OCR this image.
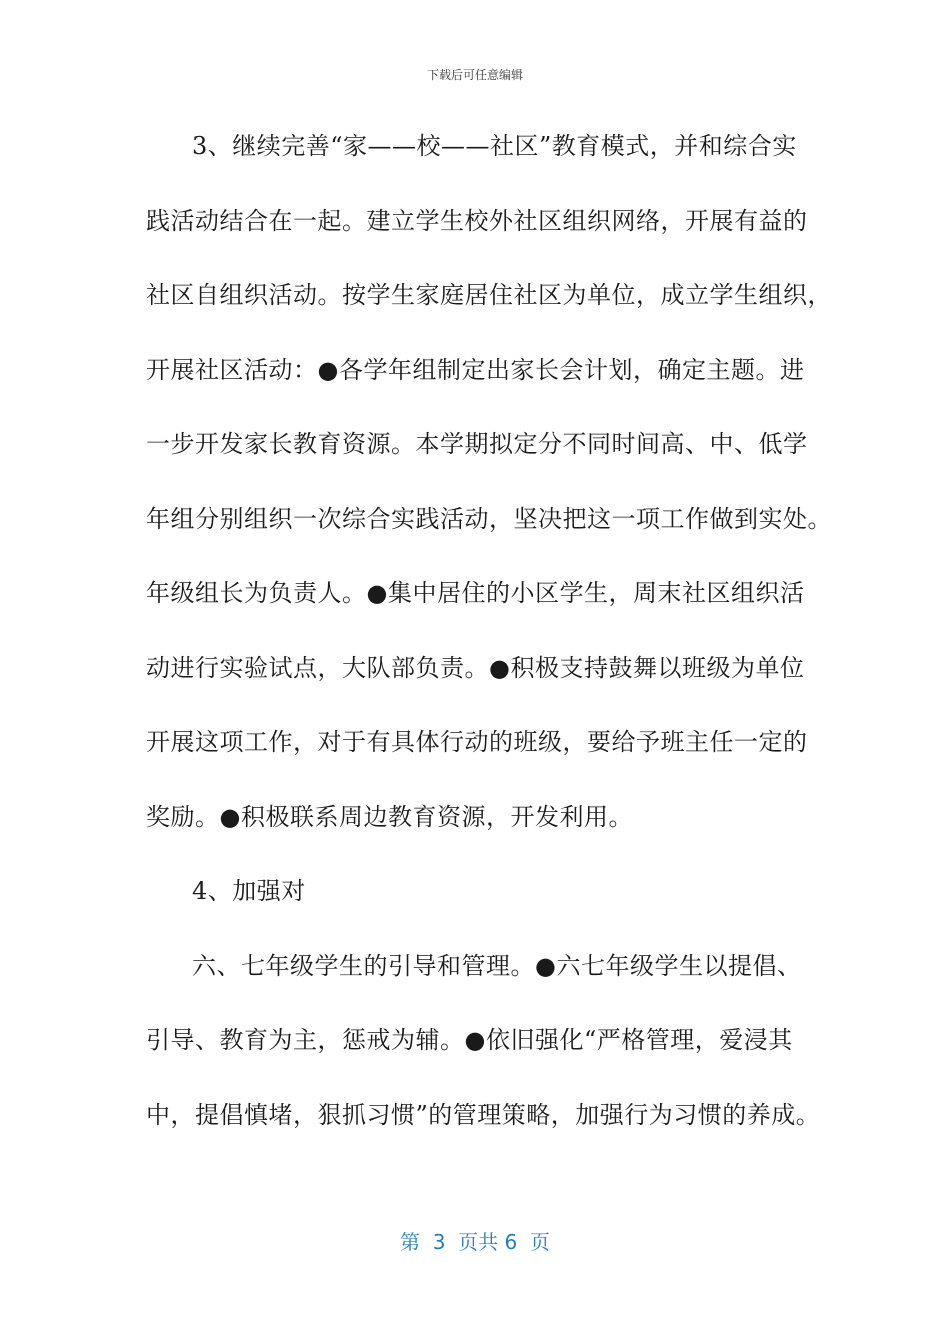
下载后可任意编辑
3、继续完善“家——校——社区”教育模式，并和综合实
践活动结合在一起。建立学生校外社区组织网络，开展有益的
社区自组织活动。按学生家庭居住社区为单位，成立学生组织，
开展社区活动：●各学年组制定出家长会计划，确定主题。进
一步开发家长教育资源。本学期拟定分不同时间高、中、低学
年组分别组织一次综合实践活动，坚决把这一项工作做到实处。
年级组长为负责人。●集中居住的小区学生，周末社区组织活
动进行实验试点，大队部负责。●积极支持鼓舞以班级为单位
开展这项工作，对于有具体行动的班级，要给予班主任一定的
奖励。●积极联系周边教育资源，开发利用。
4、加强对
六、七年级学生的引导和管理。●六七年级学生以提倡、
引导、教育为主，惩戒为辅。●依旧强化“严格管理，爱浸其
中，提倡慎堵，狠抓习惯”的管理策略，加强行为习惯的养成。
第  3  页共 6  页
